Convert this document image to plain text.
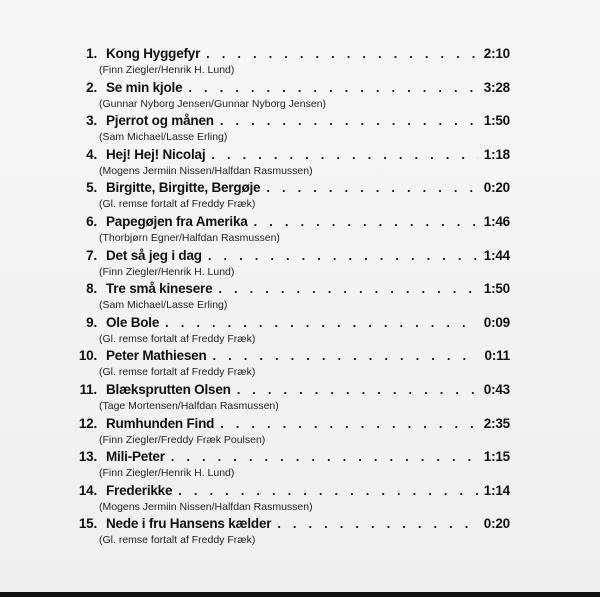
1. Kong Hyggefyr . . .	2:10
(Finn Ziegler/Henrik H. Lund)
2. Se min kjole . . .	3:28
(Gunnar Nyborg Jensen/Gunnar Nyborg Jensen)
3. Pjerrot og månen . . .	1:50
(Sam Michael/Lasse Erling)
4. Hej! Hej! Nicolaj . . .	1:18
(Mogens Jermiin Nissen/Halfdan Rasmussen)
5. Birgitte, Birgitte, Bergøje . . .	0:20
(Gl. remse fortalt af Freddy Fræk)
6. Papegøjen fra Amerika . . .	1:46
(Thorbjørn Egner/Halfdan Rasmussen)
7. Det så jeg i dag . . .	1:44
(Finn Ziegler/Henrik H. Lund)
8. Tre små kinesere . . .	1:50
(Sam Michael/Lasse Erling)
9. Ole Bole . . .	0:09
(Gl. remse fortalt af Freddy Fræk)
10. Peter Mathiesen . . .	0:11
(Gl. remse fortalt af Freddy Fræk)
11. Blæksprutten Olsen . . .	0:43
(Tage Mortensen/Halfdan Rasmussen)
12. Rumhunden Find . . .	2:35
(Finn Ziegler/Freddy Fræk Poulsen)
13. Mili-Peter . . .	1:15
(Finn Ziegler/Henrik H. Lund)
14. Frederikke . . .	1:14
(Mogens Jermiin Nissen/Halfdan Rasmussen)
15. Nede i fru Hansens kælder . . .	0:20
(Gl. remse fortalt af Freddy Fræk)
